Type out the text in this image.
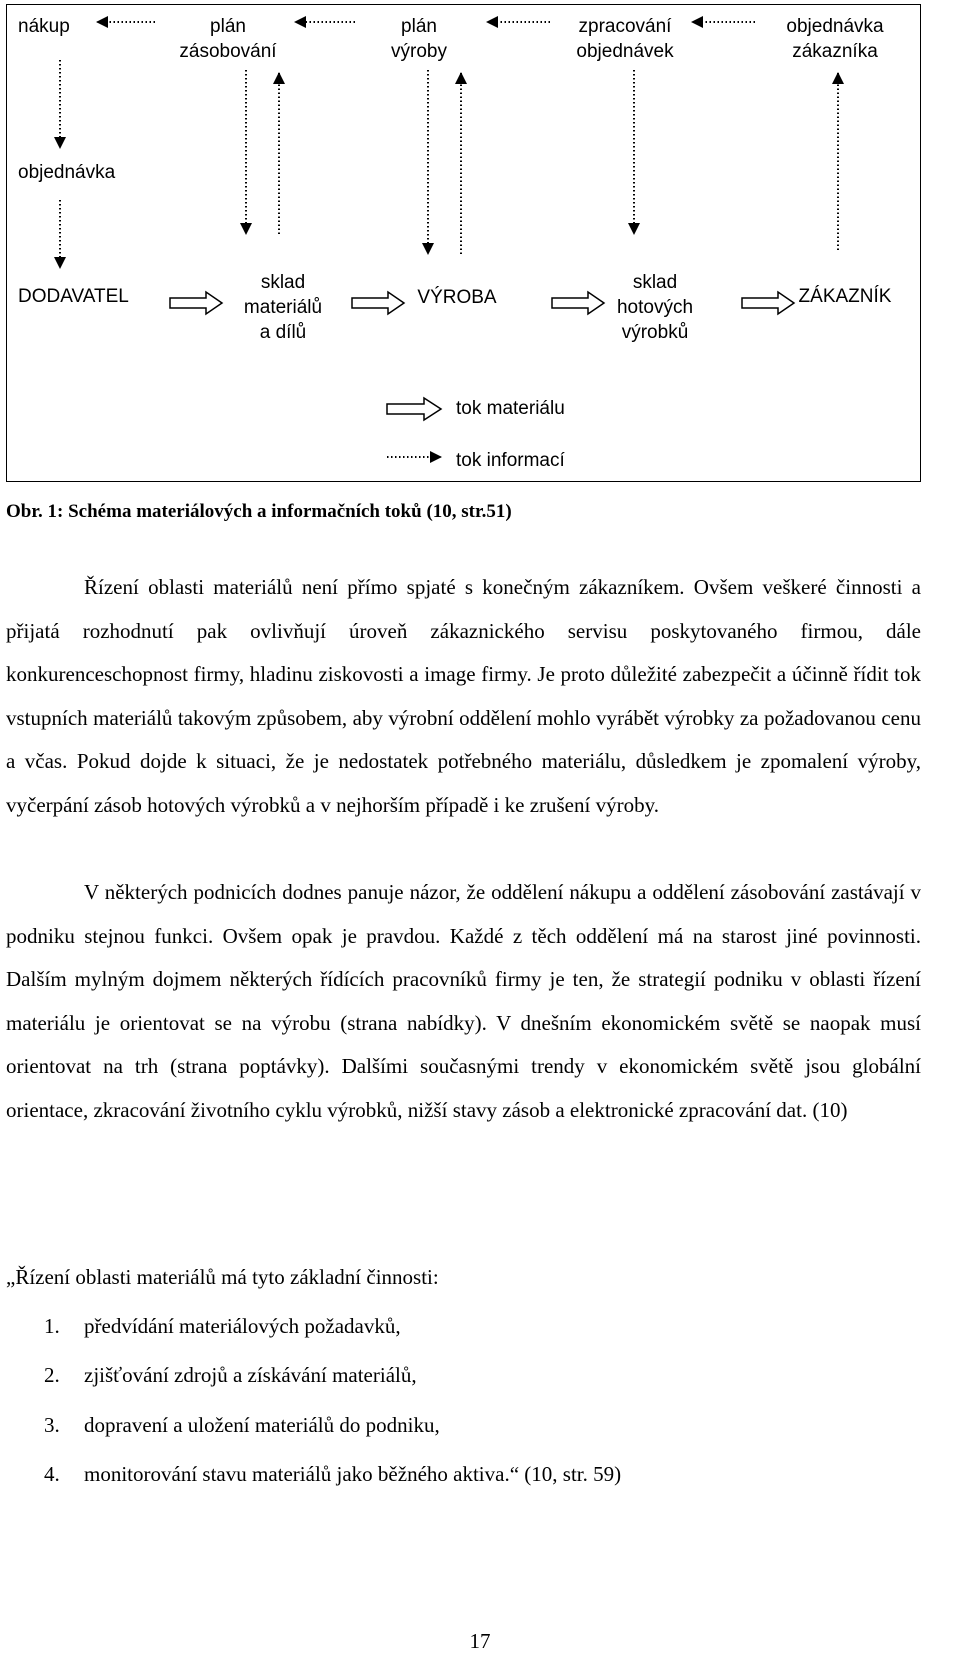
nákup	plán
zásobování
plán
výroby
zpracování
objednávek
objednávka
zákazníka
objednávka
DODAVATEL
sklad
materiálů
a dílů
VÝROBA
sklad
hotových
výrobků
ZÁKAZNÍK
tok materiálu
tok informací
Obr. 1: Schéma materiálových a informačních toků (10, str.51)

Řízení oblasti materiálů není přímo spjaté s konečným zákazníkem. Ovšem veškeré činnosti a přijatá rozhodnutí pak ovlivňují úroveň zákaznického servisu poskytovaného firmou, dále konkurenceschopnost firmy, hladinu ziskovosti a image firmy. Je proto důležité zabezpečit a účinně řídit tok vstupních materiálů takovým způsobem, aby výrobní oddělení mohlo vyrábět výrobky za požadovanou cenu a včas. Pokud dojde k situaci, že je nedostatek potřebného materiálu, důsledkem je zpomalení výroby, vyčerpání zásob hotových výrobků a v nejhorším případě i ke zrušení výroby.

V některých podnicích dodnes panuje názor, že oddělení nákupu a oddělení zásobování zastávají v podniku stejnou funkci. Ovšem opak je pravdou. Každé z těch oddělení má na starost jiné povinnosti. Dalším mylným dojmem některých řídících pracovníků firmy je ten, že strategií podniku v oblasti řízení materiálu je orientovat se na výrobu (strana nabídky). V dnešním ekonomickém světě se naopak musí orientovat na trh (strana poptávky). Dalšími současnými trendy v ekonomickém světě jsou globální orientace, zkracování životního cyklu výrobků, nižší stavy zásob a elektronické zpracování dat. (10)

„Řízení oblasti materiálů má tyto základní činnosti:
1. předvídání materiálových požadavků,
2. zjišťování zdrojů a získávání materiálů,
3. dopravení a uložení materiálů do podniku,
4. monitorování stavu materiálů jako běžného aktiva.“ (10, str. 59)
17
